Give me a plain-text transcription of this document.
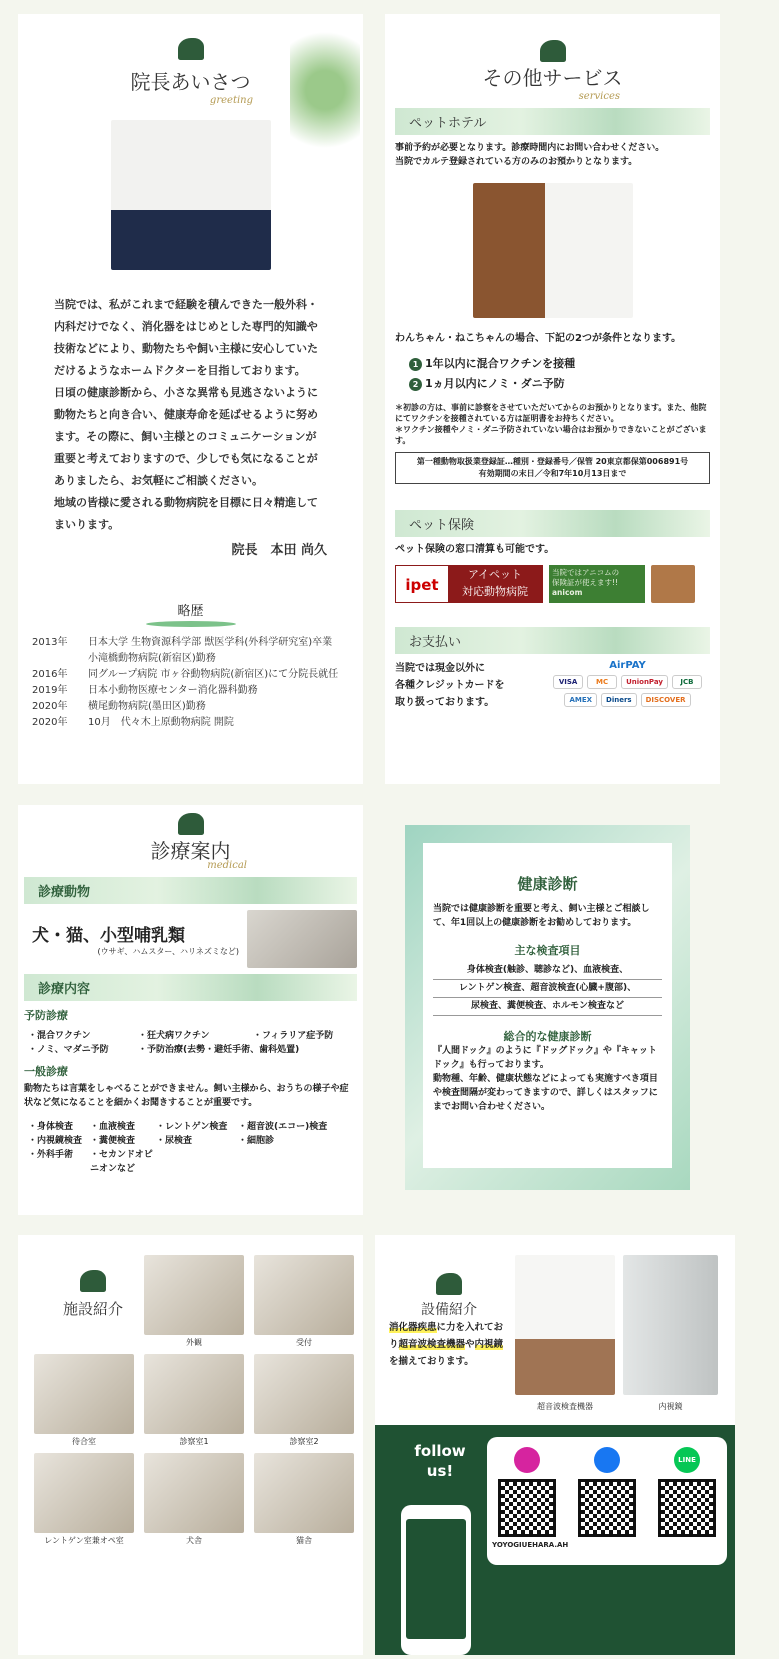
院長あいさつ
greeting

当院では、私がこれまで経験を積んできた一般外科・内科だけでなく、消化器をはじめとした専門的知識や技術などにより、動物たちや飼い主様に安心していただけるようなホームドクターを目指しております。

日頃の健康診断から、小さな異常も見逃さないように動物たちと向き合い、健康寿命を延ばせるように努めます。その際に、飼い主様とのコミュニケーションが重要と考えておりますので、少しでも気になることがありましたら、お気軽にご相談ください。

地域の皆様に愛される動物病院を目標に日々精進してまいります。

院長　本田 尚久

略歴
2013年	日本大学 生物資源科学部 獣医学科(外科学研究室)卒業
小滝橋動物病院(新宿区)勤務
2016年	同グループ病院 市ヶ谷動物病院(新宿区)にて分院長就任
2019年	日本小動物医療センター消化器科勤務
2020年	横尾動物病院(墨田区)勤務
2020年	10月　代々木上原動物病院 開院
その他サービス
services
ペットホテル
事前予約が必要となります。診療時間内にお問い合わせください。
当院でカルテ登録されている方のみのお預かりとなります。
わんちゃん・ねこちゃんの場合、下記の2つが条件となります。
1 1年以内に混合ワクチンを接種
2 1ヵ月以内にノミ・ダニ予防
＊初診の方は、事前に診察をさせていただいてからのお預かりとなります。また、他院にてワクチンを接種されている方は証明書をお持ちください。
＊ワクチン接種やノミ・ダニ予防されていない場合はお預かりできないことがございます。
第一種動物取扱業登録証…種別・登録番号／保管 20東京都保第006891号
有効期間の末日／令和7年10月13日まで
ペット保険
ペット保険の窓口清算も可能です。
ipet
アイペット
対応動物病院
当院ではアニコムの
保険証が使えます!!
anicom
お支払い
当院では現金以外に
各種クレジットカードを
取り扱っております。
AirPAY
VISA	MC	UnionPay	JCB
AMEX	Diners	DISCOVER
診療案内
medical
診療動物
犬・猫、小型哺乳類
(ウサギ、ハムスター、ハリネズミなど)
診療内容
予防診療
・混合ワクチン	・狂犬病ワクチン	・フィラリア症予防
・ノミ、マダニ予防	・予防治療(去勢・避妊手術、歯科処置)
一般診療
動物たちは言葉をしゃべることができません。飼い主様から、おうちの様子や症状など気になることを細かくお聞きすることが重要です。
・身体検査	・血液検査	・レントゲン検査	・超音波(エコー)検査
・内視鏡検査 ・糞便検査	・尿検査	・細胞診
・外科手術	・セカンドオピニオンなど
健康診断
当院では健康診断を重要と考え、飼い主様とご相談して、年1回以上の健康診断をお勧めしております。
主な検査項目
身体検査(触診、聴診など)、血液検査、
レントゲン検査、超音波検査(心臓+腹部)、
尿検査、糞便検査、ホルモン検査など
総合的な健康診断
『人間ドック』のように『ドッグドック』や『キャットドック』も行っております。
動物種、年齢、健康状態などによっても実施すべき項目や検査間隔が変わってきますので、詳しくはスタッフにまでお問い合わせください。
施設紹介
外観	受付
待合室	診察室1	診察室2
レントゲン室兼オペ室	犬舎	猫舎
設備紹介
消化器疾患に力を入れており超音波検査機器や内視鏡を揃えております。
超音波検査機器	内視鏡
follow
us!
YOYOGIUEHARA.AH
LINE
